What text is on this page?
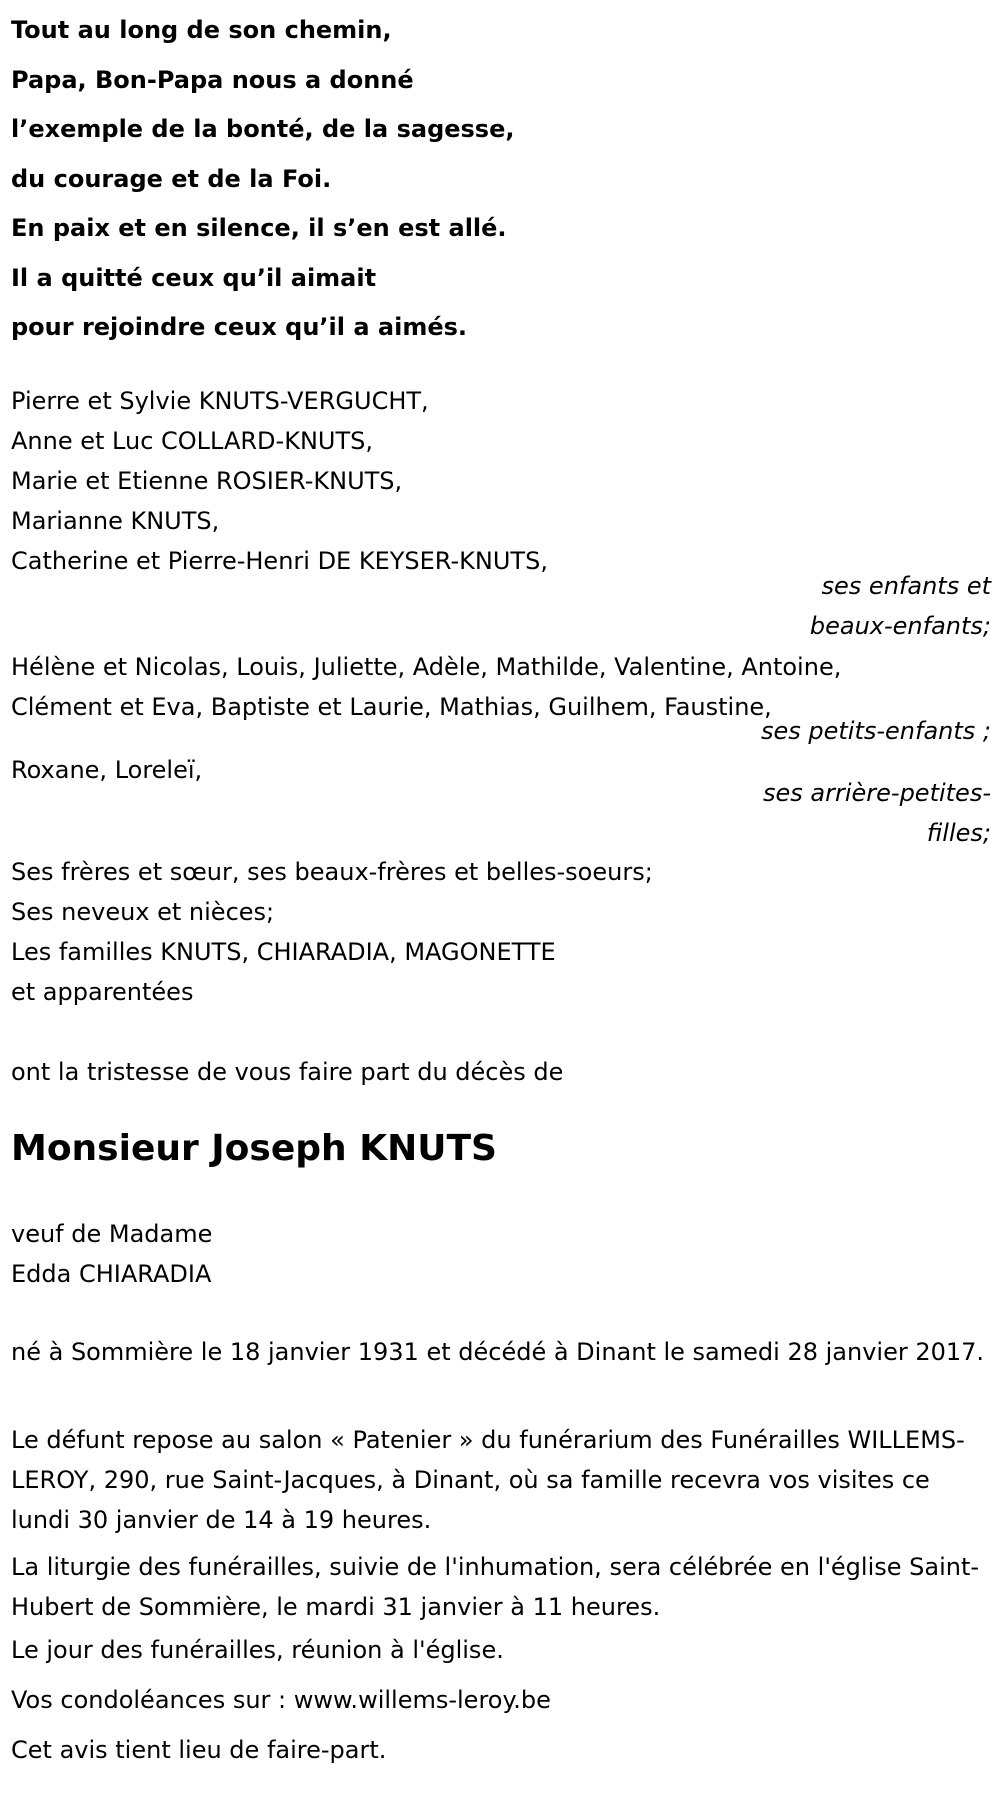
Tout au long de son chemin,
Papa, Bon-Papa nous a donné
l’exemple de la bonté, de la sagesse,
du courage et de la Foi.
En paix et en silence, il s’en est allé.
Il a quitté ceux qu’il aimait
pour rejoindre ceux qu’il a aimés.
Pierre et Sylvie KNUTS-VERGUCHT,
Anne et Luc COLLARD-KNUTS,
Marie et Etienne ROSIER-KNUTS,
Marianne KNUTS,
Catherine et Pierre-Henri DE KEYSER-KNUTS,
ses enfants et
beaux-enfants;
Hélène et Nicolas, Louis, Juliette, Adèle, Mathilde, Valentine, Antoine,
Clément et Eva, Baptiste et Laurie, Mathias, Guilhem, Faustine,
ses petits-enfants ;
Roxane, Loreleï,
ses arrière-petites-
filles;
Ses frères et sœur, ses beaux-frères et belles-soeurs;
Ses neveux et nièces;
Les familles KNUTS, CHIARADIA, MAGONETTE
et apparentées
ont la tristesse de vous faire part du décès de
Monsieur Joseph KNUTS
veuf de Madame
Edda CHIARADIA
né à Sommière le 18 janvier 1931 et décédé à Dinant le samedi 28 janvier 2017.
Le défunt repose au salon « Patenier » du funérarium des Funérailles WILLEMS-LEROY, 290, rue Saint-Jacques, à Dinant, où sa famille recevra vos visites ce lundi 30 janvier de 14 à 19 heures.
La liturgie des funérailles, suivie de l'inhumation, sera célébrée en l'église Saint-Hubert de Sommière, le mardi 31 janvier à 11 heures.
Le jour des funérailles, réunion à l'église.
Vos condoléances sur : www.willems-leroy.be
Cet avis tient lieu de faire-part.
